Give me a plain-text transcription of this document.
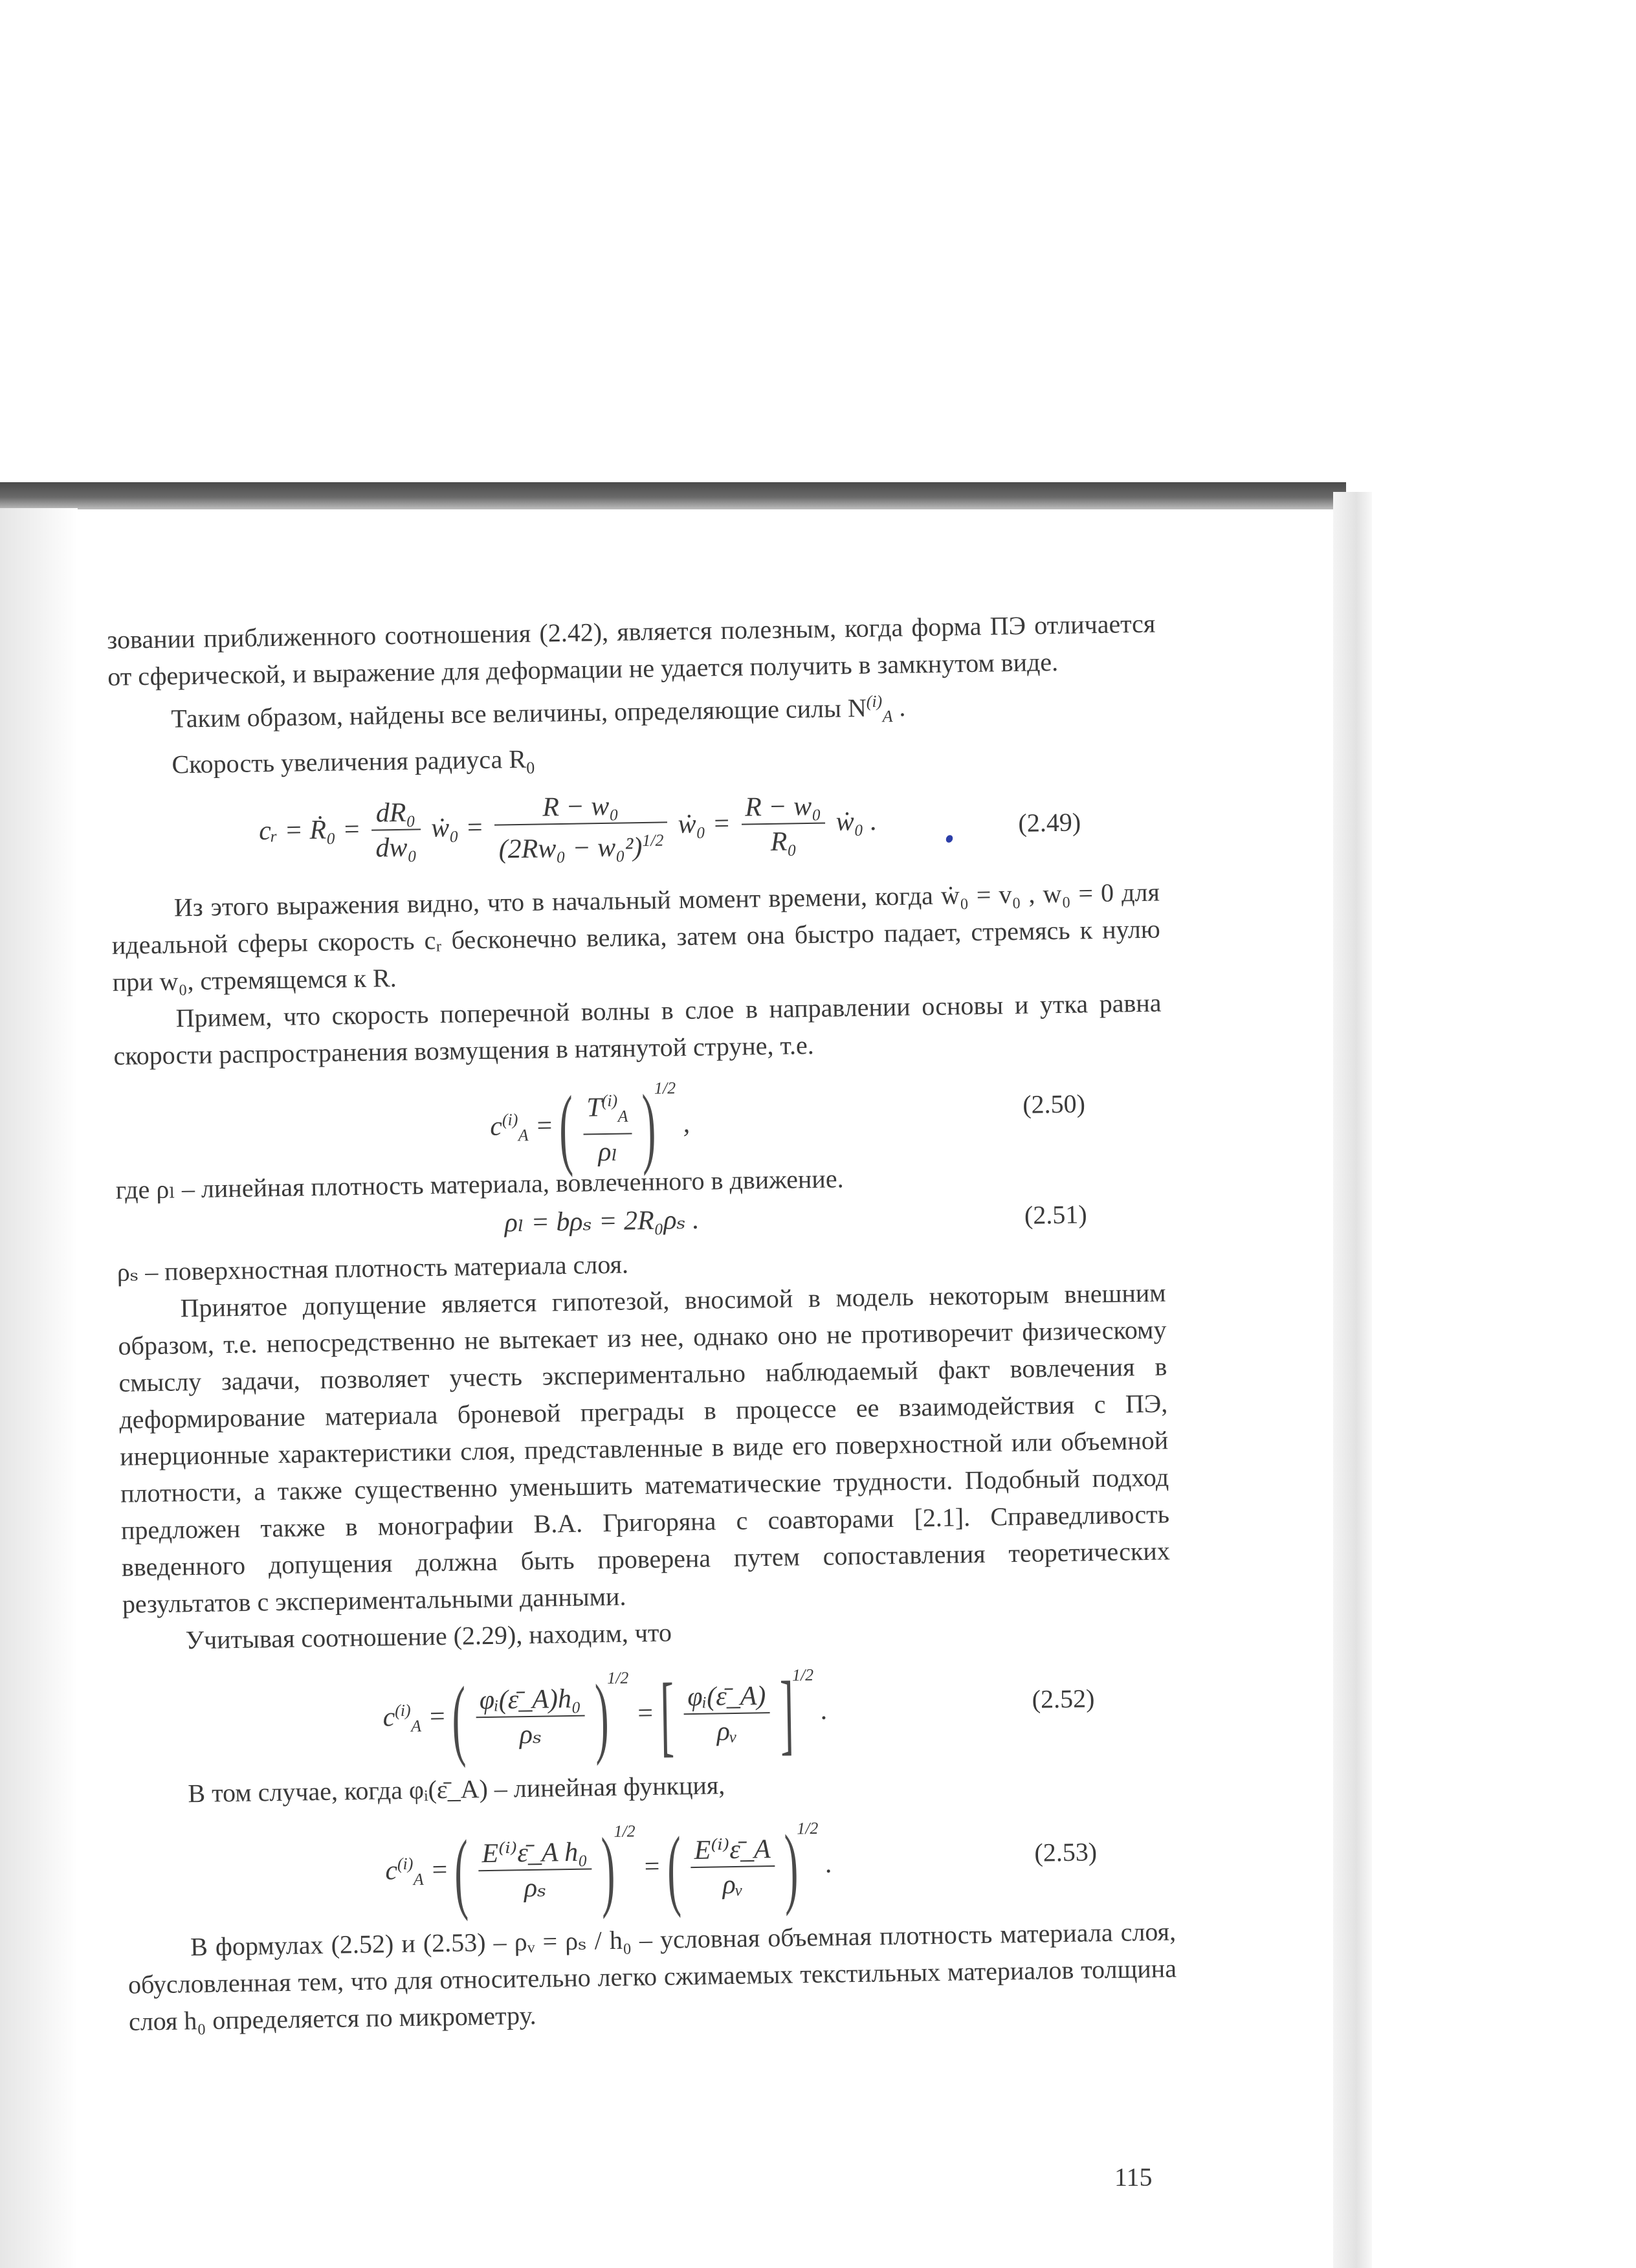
зовании приближенного соотношения (2.42), является полезным, когда форма ПЭ отличается от сферической, и выражение для деформации не удается получить в замкнутом виде.

Таким образом, найдены все величины, определяющие силы $N^{(i)}_A$ .

Скорость увеличения радиуса $R_0$

cᵣ = Ṙ₀ = $\frac{\text{dR₀}}{\text{dw₀}}$ ẇ₀ = $\frac{\text{R − w₀}}{(2Rw_0 - w_0^2)^{1/2}}$ ẇ₀ = $\frac{\text{R − w₀}}{\text{R₀}}$ ẇ₀ .	(2.49)

Из этого выражения видно, что в начальный момент времени, когда ẇ₀ = v₀ , w₀ = 0 для идеальной сферы скорость cᵣ бесконечно велика, затем она быстро падает, стремясь к нулю при w₀, стремящемся к R.

Примем, что скорость поперечной волны в слое в направлении основы и утка равна скорости распространения возмущения в натянутой струне, т.е.

$c^{(i)}_A$ = ( $\frac{T^{(i)}_A}{\text{ρₗ}} )^{1/2}$ ,
(2.50)

где ρₗ – линейная плотность материала, вовлеченного в движение.

ρₗ = bρₛ = 2R₀ρₛ .	(2.51)

ρₛ – поверхностная плотность материала слоя.

Принятое допущение является гипотезой, вносимой в модель некоторым внешним образом, т.е. непосредственно не вытекает из нее, однако оно не противоречит физическому смыслу задачи, позволяет учесть экспериментально наблюдаемый факт вовлечения в деформирование материала броневой преграды в процессе ее взаимодействия с ПЭ, инерционные характеристики слоя, представленные в виде его поверхностной или объемной плотности, а также существенно уменьшить математические трудности. Подобный подход предложен также в монографии В.А. Григоряна с соавторами [2.1]. Справедливость введенного допущения должна быть проверена путем сопоставления теоретических результатов с экспериментальными данными.

Учитывая соотношение (2.29), находим, что

$c^{(i)}_A$ = ( $\frac{\text{φᵢ(ε̄\_A)h₀}}{\text{ρₛ}} )^{1/2}$ = [ $\frac{\text{φᵢ(ε̄\_A)}}{\text{ρᵥ}} ]^{1/2}$ .	(2.52)

В том случае, когда φᵢ(ε̄_A) – линейная функция,

$c^{(i)}_A$ = ( $\frac{\text{E⁽ⁱ⁾ε̄\_A h₀}}{\text{ρₛ}} )^{1/2}$ = ( $\frac{\text{E⁽ⁱ⁾ε̄\_A}}{\text{ρᵥ}} )^{1/2}$ .	(2.53)

В формулах (2.52) и (2.53) – ρᵥ = ρₛ / h₀ – условная объемная плотность материала слоя, обусловленная тем, что для относительно легко сжимаемых текстильных материалов толщина слоя h₀ определяется по микрометру.

115
